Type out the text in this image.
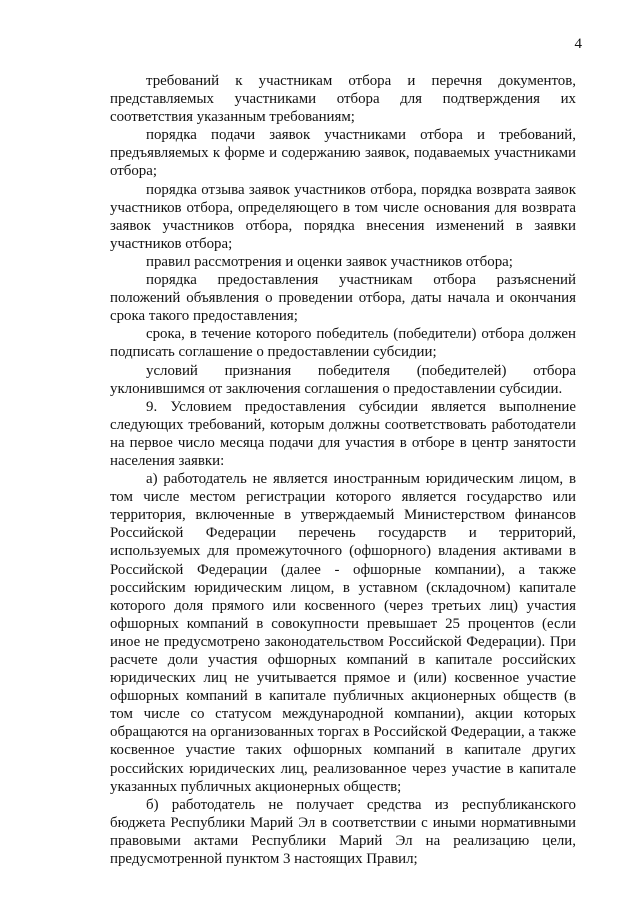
4

требований к участникам отбора и перечня документов, представляемых участниками отбора для подтверждения их соответствия указанным требованиям;

порядка подачи заявок участниками отбора и требований, предъявляемых к форме и содержанию заявок, подаваемых участниками отбора;

порядка отзыва заявок участников отбора, порядка возврата заявок участников отбора, определяющего в том числе основания для возврата заявок участников отбора, порядка внесения изменений в заявки участников отбора;

правил рассмотрения и оценки заявок участников отбора;

порядка предоставления участникам отбора разъяснений положений объявления о проведении отбора, даты начала и окончания срока такого предоставления;

срока, в течение которого победитель (победители) отбора должен подписать соглашение о предоставлении субсидии;

условий признания победителя (победителей) отбора уклонившимся от заключения соглашения о предоставлении субсидии.

9. Условием предоставления субсидии является выполнение следующих требований, которым должны соответствовать работодатели на первое число месяца подачи для участия в отборе в центр занятости населения заявки:

а) работодатель не является иностранным юридическим лицом, в том числе местом регистрации которого является государство или территория, включенные в утверждаемый Министерством финансов Российской Федерации перечень государств и территорий, используемых для промежуточного (офшорного) владения активами в Российской Федерации (далее - офшорные компании), а также российским юридическим лицом, в уставном (складочном) капитале которого доля прямого или косвенного (через третьих лиц) участия офшорных компаний в совокупности превышает 25 процентов (если иное не предусмотрено законодательством Российской Федерации). При расчете доли участия офшорных компаний в капитале российских юридических лиц не учитывается прямое и (или) косвенное участие офшорных компаний в капитале публичных акционерных обществ (в том числе со статусом международной компании), акции которых обращаются на организованных торгах в Российской Федерации, а также косвенное участие таких офшорных компаний в капитале других российских юридических лиц, реализованное через участие в капитале указанных публичных акционерных обществ;

б) работодатель не получает средства из республиканского бюджета Республики Марий Эл в соответствии с иными нормативными правовыми актами Республики Марий Эл на реализацию цели, предусмотренной пунктом 3 настоящих Правил;
